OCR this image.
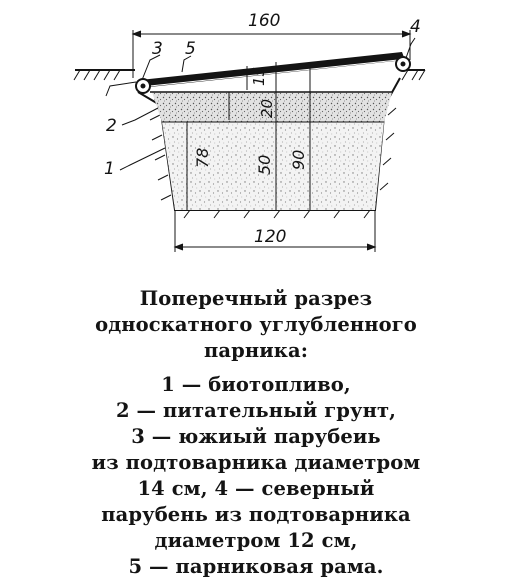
160
120
15
20
78	50 90
1
2
3
4
5
Поперечный разрез
односкатного углубленного
парника:
1 — биотопливо,
2 — питательный грунт,
3 — южиый парубеиь
из подтоварника диаметром
14 см, 4 — северный
парубень из подтоварника
диаметром 12 см,
5 — парниковая рама.
